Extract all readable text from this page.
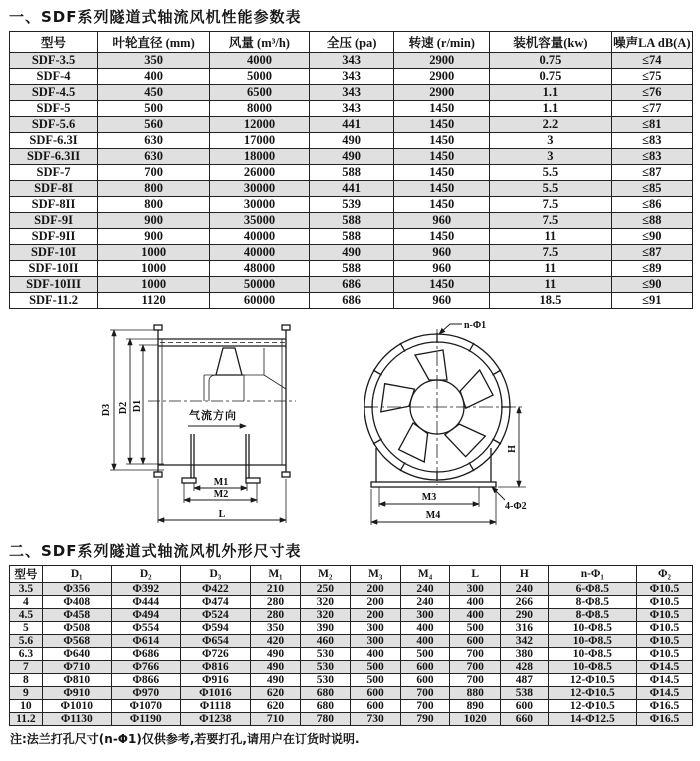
一、SDF系列隧道式轴流风机性能参数表
型号	叶轮直径 (mm)	风量 (m³/h)	全压 (pa)	转速 (r/min)	装机容量(kw)	噪声LA dB(A)
SDF-3.5	350	4000	343	2900	0.75	≤74
SDF-4	400	5000	343	2900	0.75	≤75
SDF-4.5	450	6500	343	2900	1.1	≤76
SDF-5	500	8000	343	1450	1.1	≤77
SDF-5.6	560	12000	441	1450	2.2	≤81
SDF-6.3I	630	17000	490	1450	3	≤83
SDF-6.3II	630	18000	490	1450	3	≤83
SDF-7	700	26000	588	1450	5.5	≤87
SDF-8I	800	30000	441	1450	5.5	≤85
SDF-8II	800	30000	539	1450	7.5	≤86
SDF-9I	900	35000	588	960	7.5	≤88
SDF-9II	900	40000	588	1450	11	≤90
SDF-10I	1000	40000	490	960	7.5	≤87
SDF-10II	1000	48000	588	960	11	≤89
SDF-10III	1000	50000	686	1450	11	≤90
SDF-11.2	1120	60000	686	960	18.5	≤91
气流方向
D3 D2 D1
M1
M2
L
H
M3
M4
n-Φ1
4-Φ2
二、SDF系列隧道式轴流风机外形尺寸表
型号	D₁	D₂	D₃	M₁	M₂	M₃	M₄	L	H	n-Φ₁	Φ₂
3.5	Φ356	Φ392	Φ422	210	250	200	240	300	240	6-Φ8.5	Φ10.5
4	Φ408	Φ444	Φ474	280	320	200	240	400	266	8-Φ8.5	Φ10.5
4.5	Φ458	Φ494	Φ524	280	320	200	300	400	290	8-Φ8.5	Φ10.5
5	Φ508	Φ554	Φ594	350	390	300	400	500	316	10-Φ8.5	Φ10.5
5.6	Φ568	Φ614	Φ654	420	460	300	400	600	342	10-Φ8.5	Φ10.5
6.3	Φ640	Φ686	Φ726	490	530	400	500	700	380	10-Φ8.5	Φ10.5
7	Φ710	Φ766	Φ816	490	530	500	600	700	428	10-Φ8.5	Φ14.5
8	Φ810	Φ866	Φ916	490	530	500	600	700	487	12-Φ10.5	Φ14.5
9	Φ910	Φ970	Φ1016	620	680	600	700	880	538	12-Φ10.5	Φ14.5
10	Φ1010	Φ1070	Φ1118	620	680	600	700	890	600	12-Φ10.5	Φ16.5
11.2	Φ1130	Φ1190	Φ1238	710	780	730	790	1020	660	14-Φ12.5	Φ16.5
注:法兰打孔尺寸(n-Φ1)仅供参考,若要打孔,请用户在订货时说明.
